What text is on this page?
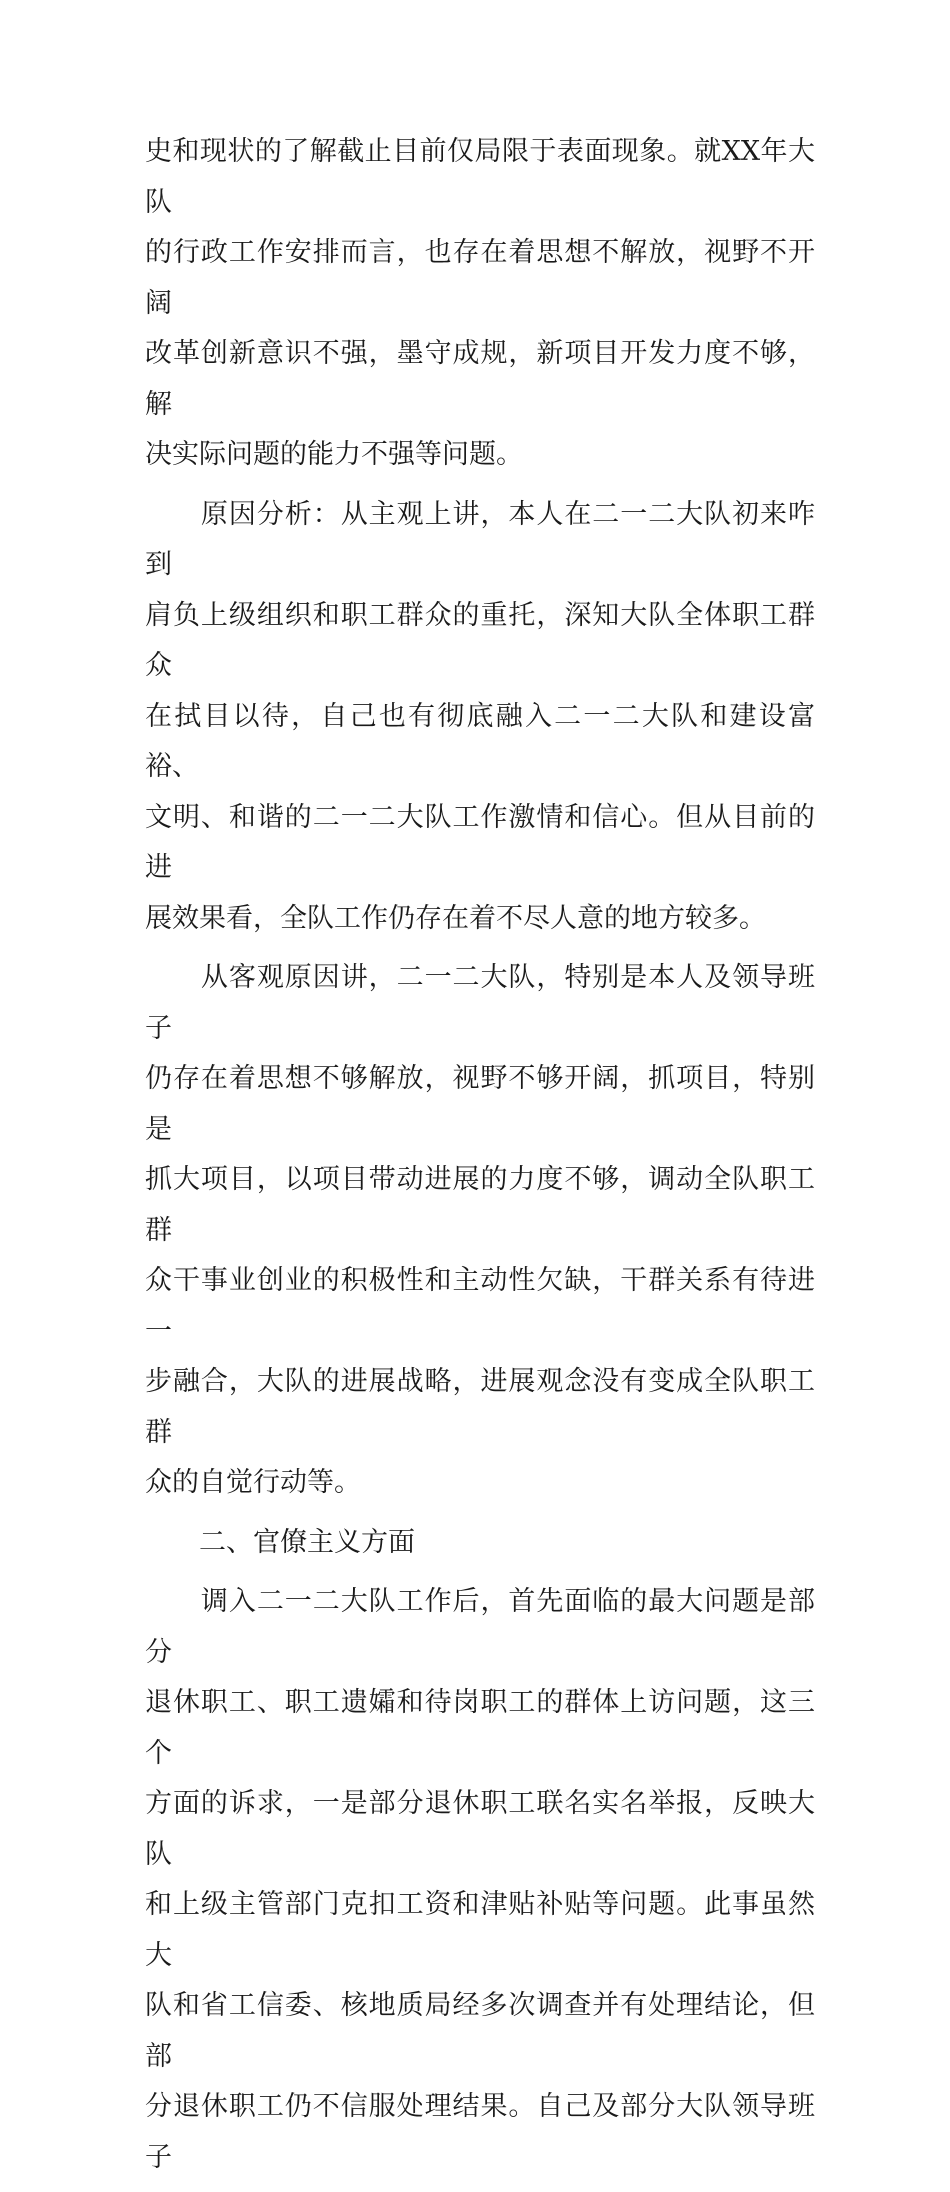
史和现状的了解截止目前仅局限于表面现象。就XX年大队
的行政工作安排而言，也存在着思想不解放，视野不开阔
改革创新意识不强，墨守成规，新项目开发力度不够，解
决实际问题的能力不强等问题。

　　原因分析：从主观上讲，本人在二一二大队初来咋到
肩负上级组织和职工群众的重托，深知大队全体职工群众
在拭目以待，自己也有彻底融入二一二大队和建设富裕、
文明、和谐的二一二大队工作激情和信心。但从目前的进
展效果看，全队工作仍存在着不尽人意的地方较多。

　　从客观原因讲，二一二大队，特别是本人及领导班子
仍存在着思想不够解放，视野不够开阔，抓项目，特别是
抓大项目，以项目带动进展的力度不够，调动全队职工群
众干事业创业的积极性和主动性欠缺，干群关系有待进一
步融合，大队的进展战略，进展观念没有变成全队职工群
众的自觉行动等。

　　二、官僚主义方面

　　调入二一二大队工作后，首先面临的最大问题是部分
退休职工、职工遗孀和待岗职工的群体上访问题，这三个
方面的诉求，一是部分退休职工联名实名举报，反映大队
和上级主管部门克扣工资和津贴补贴等问题。此事虽然大
队和省工信委、核地质局经多次调查并有处理结论，但部
分退休职工仍不信服处理结果。自己及部分大队领导班子
